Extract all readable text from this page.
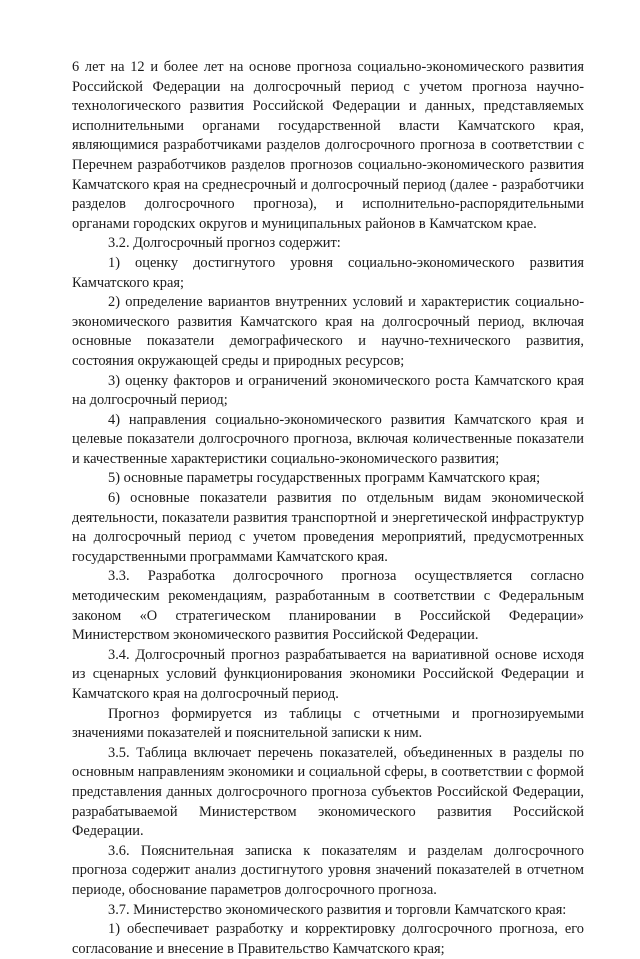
6 лет на 12 и более лет на основе прогноза социально-экономического развития Российской Федерации на долгосрочный период с учетом прогноза научно-технологического развития Российской Федерации и данных, представляемых исполнительными органами государственной власти Камчатского края, являющимися разработчиками разделов долгосрочного прогноза в соответствии с Перечнем разработчиков разделов прогнозов социально-экономического развития Камчатского края на среднесрочный и долгосрочный период (далее - разработчики разделов долгосрочного прогноза), и исполнительно-распорядительными органами городских округов и муниципальных районов в Камчатском крае.

3.2. Долгосрочный прогноз содержит:

1) оценку достигнутого уровня социально-экономического развития Камчатского края;

2) определение вариантов внутренних условий и характеристик социально-экономического развития Камчатского края на долгосрочный период, включая основные показатели демографического и научно-технического развития, состояния окружающей среды и природных ресурсов;

3) оценку факторов и ограничений экономического роста Камчатского края на долгосрочный период;

4) направления социально-экономического развития Камчатского края и целевые показатели долгосрочного прогноза, включая количественные показатели и качественные характеристики социально-экономического развития;

5) основные параметры государственных программ Камчатского края;

6) основные показатели развития по отдельным видам экономической деятельности, показатели развития транспортной и энергетической инфраструктур на долгосрочный период с учетом проведения мероприятий, предусмотренных государственными программами Камчатского края.

3.3. Разработка долгосрочного прогноза осуществляется согласно методическим рекомендациям, разработанным в соответствии с Федеральным законом «О стратегическом планировании в Российской Федерации» Министерством экономического развития Российской Федерации.

3.4. Долгосрочный прогноз разрабатывается на вариативной основе исходя из сценарных условий функционирования экономики Российской Федерации и Камчатского края на долгосрочный период.

Прогноз формируется из таблицы с отчетными и прогнозируемыми значениями показателей и пояснительной записки к ним.

3.5. Таблица включает перечень показателей, объединенных в разделы по основным направлениям экономики и социальной сферы, в соответствии с формой представления данных долгосрочного прогноза субъектов Российской Федерации, разрабатываемой Министерством экономического развития Российской Федерации.

3.6. Пояснительная записка к показателям и разделам долгосрочного прогноза содержит анализ достигнутого уровня значений показателей в отчетном периоде, обоснование параметров долгосрочного прогноза.

3.7. Министерство экономического развития и торговли Камчатского края:

1) обеспечивает разработку и корректировку долгосрочного прогноза, его согласование и внесение в Правительство Камчатского края;
